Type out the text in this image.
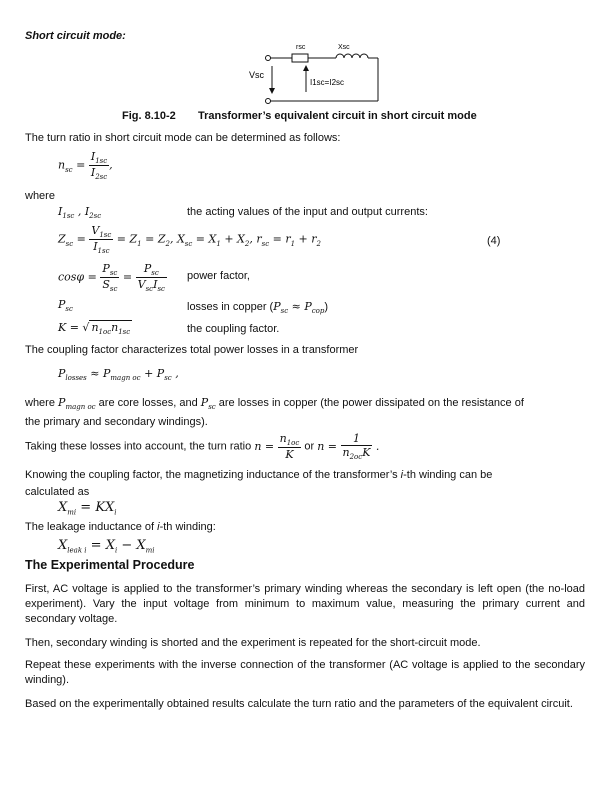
Short circuit mode:
rsc	Xsc
Vsc
I1sc=I2sc
Fig. 8.10-2 Transformer’s equivalent circuit in short circuit mode
The turn ratio in short circuit mode can be determined as follows:
$n_{sc} = \frac{I_{1sc}}{I_{2sc}}$ ,
where
$I_{1sc}$ , $I_{2sc}$	the acting values of the input and output currents:
$Z_{sc} = \frac{V_{1sc}}{I_{1sc}} = Z_1 = Z_2$, $X_{sc} = X_1 + X_2$, $r_{sc} = r_1 + r_2$	(4)
$\cos\varphi = \frac{P_{sc}}{S_{sc}} = \frac{P_{sc}}{V_{sc}I_{sc}}$ power factor,
$P_{sc}$	losses in copper $(P_{sc} \approx P_{cop})$
K = √ $n_{1oc}n_{1sc}$	the coupling factor.
The coupling factor characterizes total power losses in a transformer
$P_{losses} \approx P_{magn oc} + P_{sc}$ ,
where $P_{magn oc}$ are core losses, and $P_{sc}$ are losses in copper (the power dissipated on the resistance of
the primary and secondary windings).
Taking these losses into account, the turn ratio $n = \frac{n_{1oc}}{K}$ or $n = \frac{1}{n_{2oc}K}$ .
Knowing the coupling factor, the magnetizing inductance of the transformer’s i-th winding can be
calculated as
$X_{mi} = KX_i$
The leakage inductance of i-th winding:
$X_{leak i} = X_i - X_{mi}$
The Experimental Procedure
First, AC voltage is applied to the transformer’s primary winding whereas the secondary is left open (the no-load experiment). Vary the input voltage from minimum to maximum value, measuring the primary current and secondary voltage.
Then, secondary winding is shorted and the experiment is repeated for the short-circuit mode.
Repeat these experiments with the inverse connection of the transformer (AC voltage is applied to the secondary winding).
Based on the experimentally obtained results calculate the turn ratio and the parameters of the equivalent circuit.
